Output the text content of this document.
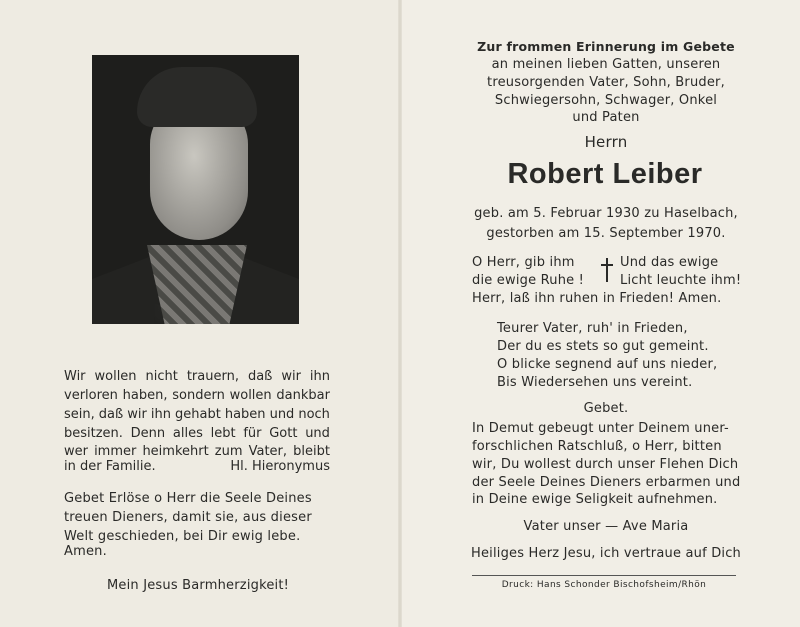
Wir wollen nicht trauern, daß wir ihn
verloren haben, sondern wollen dankbar
sein, daß wir ihn gehabt haben und noch
besitzen. Denn alles lebt für Gott und
wer immer heimkehrt zum Vater, bleibt
in der Familie.	Hl. Hieronymus
Gebet Erlöse o Herr die Seele Deines
treuen Dieners, damit sie, aus dieser
Welt geschieden, bei Dir ewig lebe.
Amen.
Mein Jesus Barmherzigkeit!
Zur frommen Erinnerung im Gebete
an meinen lieben Gatten, unseren
treusorgenden Vater, Sohn, Bruder,
Schwiegersohn, Schwager, Onkel
und Paten
Herrn
Robert Leiber
geb. am 5. Februar 1930 zu Haselbach,
gestorben am 15. September 1970.
O Herr, gib ihm
die ewige Ruhe !
Und das ewige
Licht leuchte ihm!
Herr, laß ihn ruhen in Frieden! Amen.
Teurer Vater, ruh' in Frieden,
Der du es stets so gut gemeint.
O blicke segnend auf uns nieder,
Bis Wiedersehen uns vereint.
Gebet.
In Demut gebeugt unter Deinem uner-
forschlichen Ratschluß, o Herr, bitten
wir, Du wollest durch unser Flehen Dich
der Seele Deines Dieners erbarmen und
in Deine ewige Seligkeit aufnehmen.
Vater unser — Ave Maria
Heiliges Herz Jesu, ich vertraue auf Dich
Druck: Hans Schonder Bischofsheim/Rhön
